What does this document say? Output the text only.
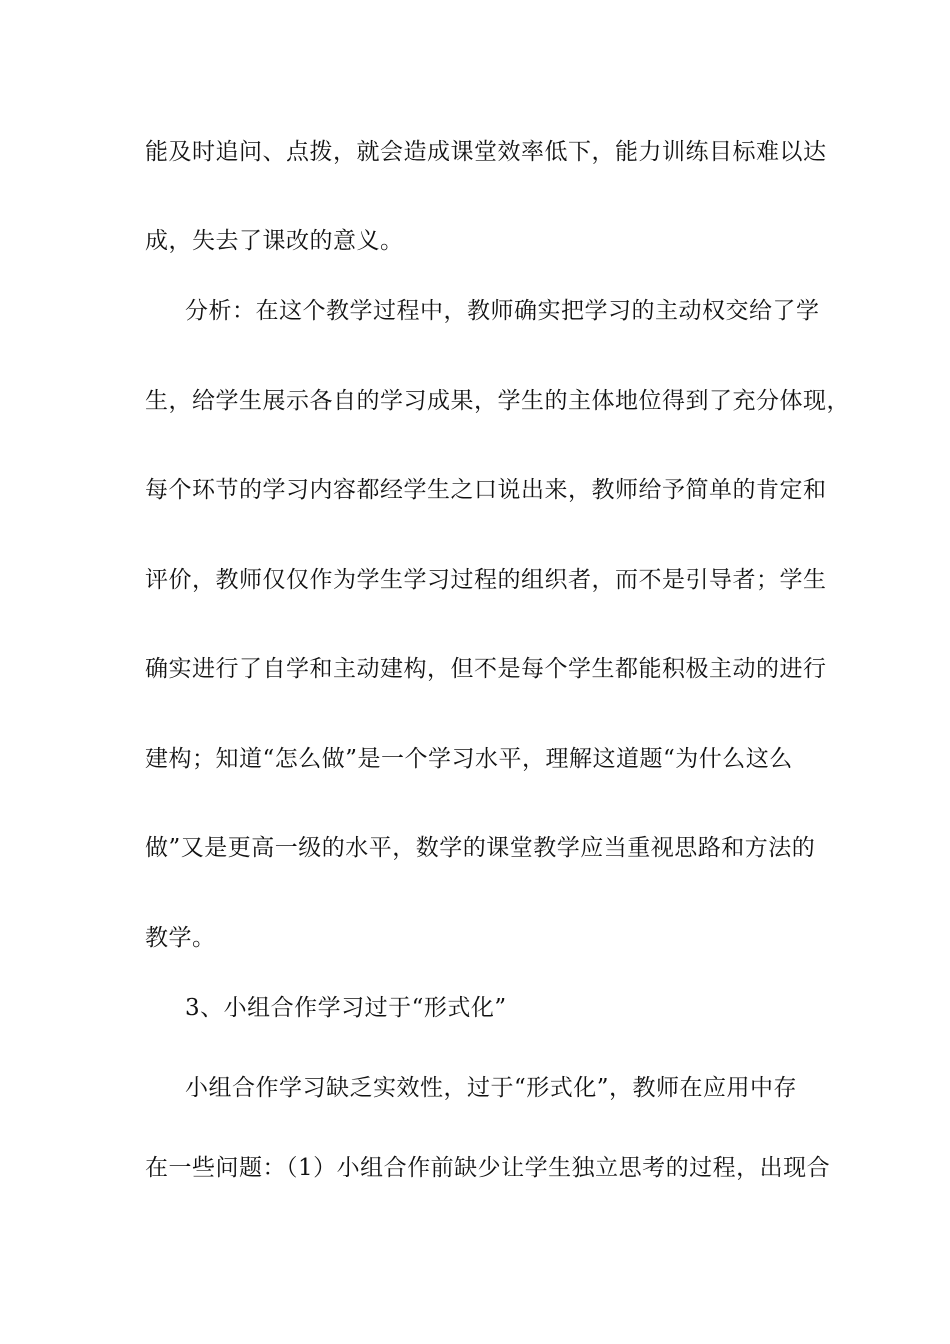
能及时追问、点拨，就会造成课堂效率低下，能力训练目标难以达
成，失去了课改的意义。
分析：在这个教学过程中，教师确实把学习的主动权交给了学
生，给学生展示各自的学习成果，学生的主体地位得到了充分体现，
每个环节的学习内容都经学生之口说出来，教师给予简单的肯定和
评价，教师仅仅作为学生学习过程的组织者，而不是引导者；学生
确实进行了自学和主动建构，但不是每个学生都能积极主动的进行
建构；知道“怎么做”是一个学习水平，理解这道题“为什么这么
做”又是更高一级的水平，数学的课堂教学应当重视思路和方法的
教学。
3、小组合作学习过于“形式化”
小组合作学习缺乏实效性，过于“形式化”，教师在应用中存
在一些问题：（1）小组合作前缺少让学生独立思考的过程，出现合
